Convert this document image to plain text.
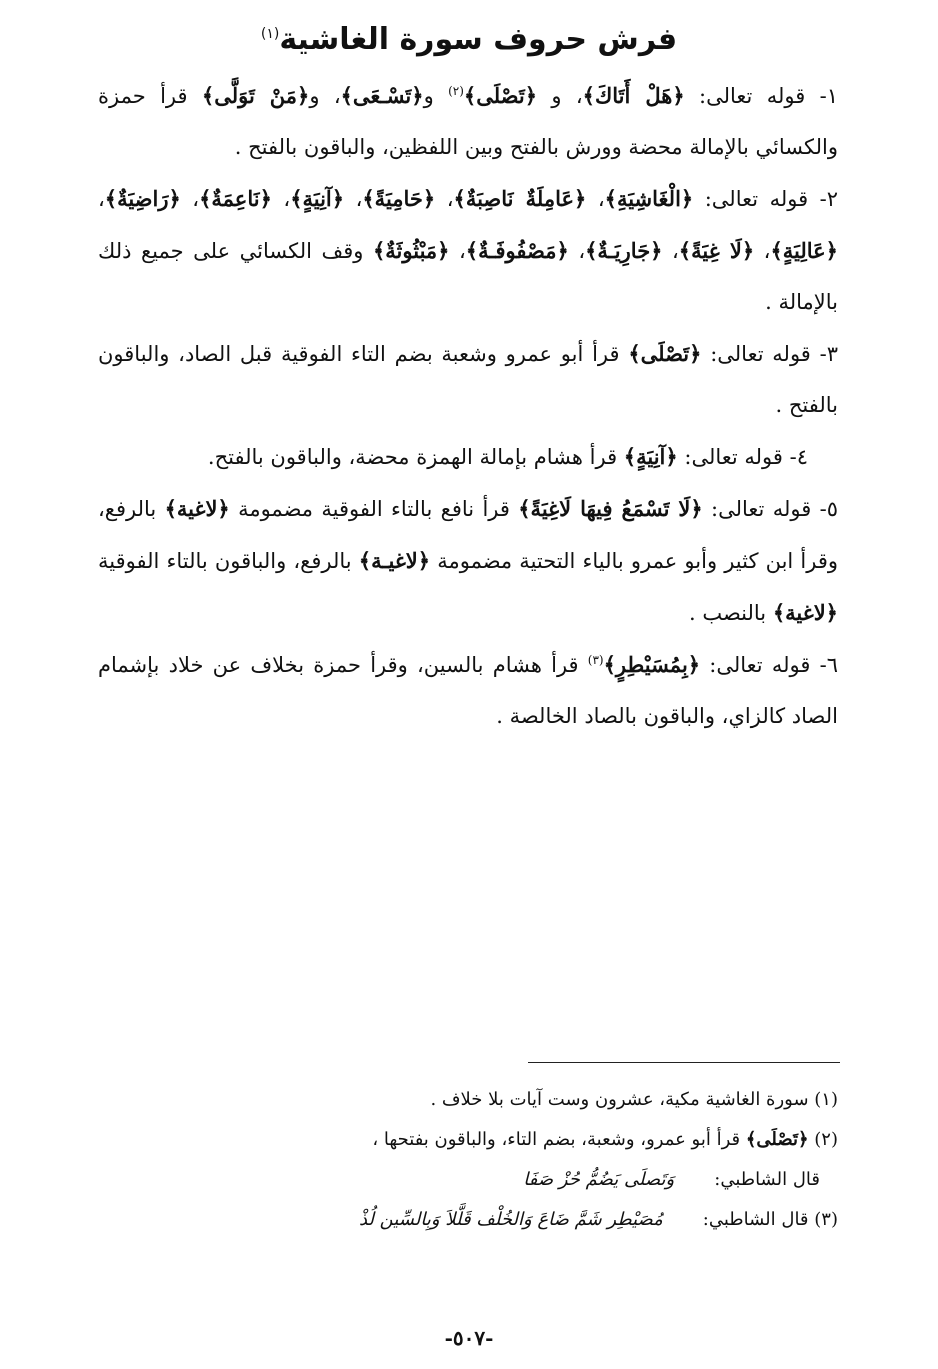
فرش حروف سورة الغاشية$^{(١)}$

١- قوله تعالى: ﴿هَلْ أَتَاكَ﴾، و ﴿تَصْلَى﴾$^{(٢)}$ و﴿تَسْـعَى﴾، و﴿مَنْ تَوَلَّى﴾ قرأ حمزة والكسائي بالإمالة محضة وورش بالفتح وبين اللفظين، والباقون بالفتح .

٢- قوله تعالى: ﴿الْغَاشِيَةِ﴾، ﴿عَامِلَةٌ نَاصِبَةٌ﴾، ﴿حَامِيَةً﴾، ﴿آنِيَةٍ﴾، ﴿نَاعِمَةٌ﴾، ﴿رَاضِيَةٌ﴾، ﴿عَالِيَةٍ﴾، ﴿لَا غِيَةً﴾، ﴿جَارِيَـةٌ﴾، ﴿مَصْفُوفَـةٌ﴾، ﴿مَبْثُوثَةٌ﴾ وقف الكسائي على جميع ذلك بالإمالة .

٣- قوله تعالى: ﴿تَصْلَى﴾ قرأ أبو عمرو وشعبة بضم التاء الفوقية قبل الصاد، والباقون بالفتح .

٤- قوله تعالى: ﴿آنِيَةٍ﴾ قرأ هشام بإمالة الهمزة محضة، والباقون بالفتح.

٥- قوله تعالى: ﴿لَا تَسْمَعُ فِيهَا لَاغِيَةً﴾ قرأ نافع بالتاء الفوقية مضمومة ﴿لاغية﴾ بالرفع، وقرأ ابن كثير وأبو عمرو بالياء التحتية مضمومة ﴿لاغيـة﴾ بالرفع، والباقون بالتاء الفوقية ﴿لاغية﴾ بالنصب .

٦- قوله تعالى: ﴿بِمُسَيْطِرٍ﴾$^{(٣)}$ قرأ هشام بالسين، وقرأ حمزة بخلاف عن خلاد بإشمام الصاد كالزاي، والباقون بالصاد الخالصة .

(١) سورة الغاشية مكية، عشرون وست آيات بلا خلاف .

(٢) ﴿تَصْلَى﴾ قرأ أبو عمرو، وشعبة، بضم التاء، والباقون بفتحها ،

قال الشاطبي:
وَتَصلَى يَضُمُّ حُزْ صَفَا
(٣) قال الشاطبي:
مُصَيْطِر شَمَّ ضَاعَ وَالخُلْف قَلَّلاَ وَبِالسِّين لُذْ
-٥٠٧-
